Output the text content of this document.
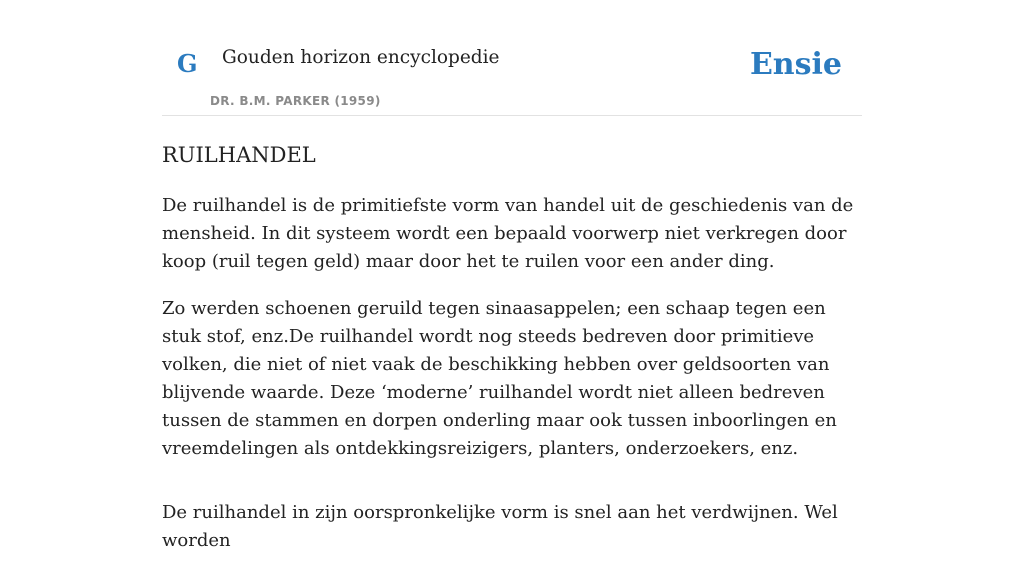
G Gouden horizon encyclopedie
DR. B.M. PARKER (1959)
Ensie
RUILHANDEL

De ruilhandel is de primitiefste vorm van handel uit de geschiedenis van de mensheid. In dit systeem wordt een bepaald voorwerp niet verkregen door koop (ruil tegen geld) maar door het te ruilen voor een ander ding.

Zo werden schoenen geruild tegen sinaasappelen; een schaap tegen een stuk stof, enz.De ruilhandel wordt nog steeds bedreven door primitieve volken, die niet of niet vaak de beschikking hebben over geldsoorten van blijvende waarde. Deze ‘moderne’ ruilhandel wordt niet alleen bedreven tussen de stammen en dorpen onderling maar ook tussen inboorlingen en vreemdelingen als ontdekkingsreizigers, planters, onderzoekers, enz.

De ruilhandel in zijn oorspronkelijke vorm is snel aan het verdwijnen. Wel worden
